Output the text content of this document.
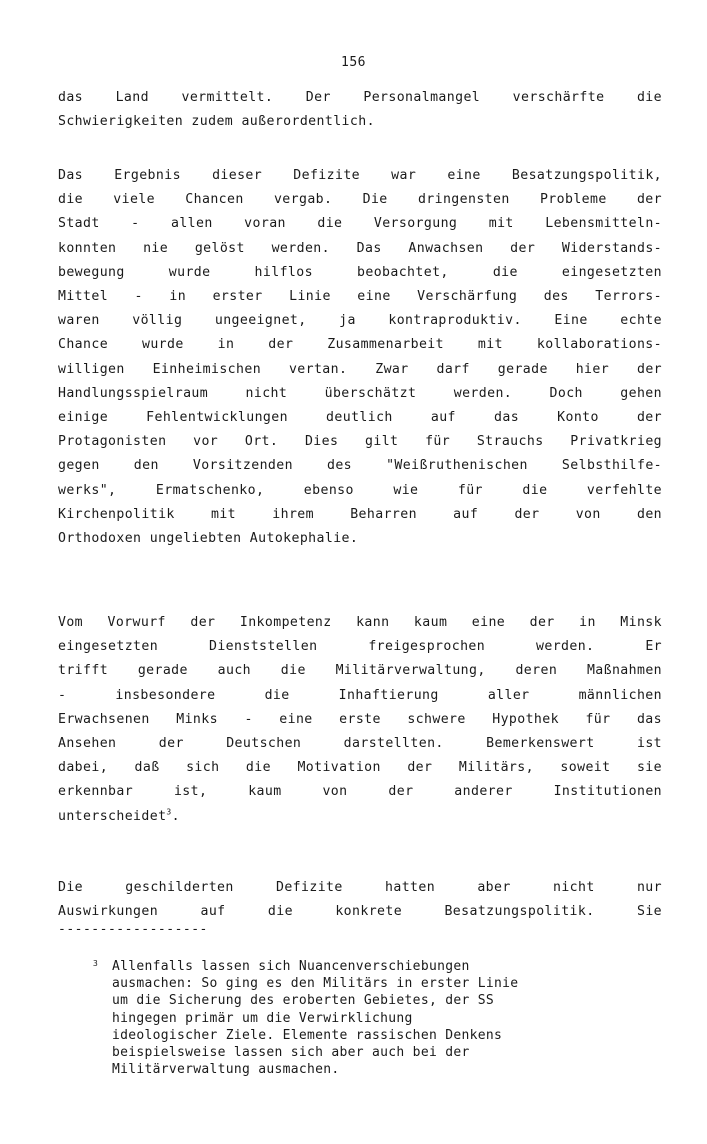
156
das Land vermittelt. Der Personalmangel verschärfte die
Schwierigkeiten zudem außerordentlich.
Das Ergebnis dieser Defizite war eine Besatzungspolitik,
die viele Chancen vergab. Die dringensten Probleme der
Stadt - allen voran die Versorgung mit Lebensmitteln-
konnten nie gelöst werden. Das Anwachsen der Widerstands-
bewegung wurde hilflos beobachtet, die eingesetzten
Mittel - in erster Linie eine Verschärfung des Terrors-
waren völlig ungeeignet, ja kontraproduktiv. Eine echte
Chance wurde in der Zusammenarbeit mit kollaborations-
willigen Einheimischen vertan. Zwar darf gerade hier der
Handlungsspielraum nicht überschätzt werden. Doch gehen
einige Fehlentwicklungen deutlich auf das Konto der
Protagonisten vor Ort. Dies gilt für Strauchs Privatkrieg
gegen den Vorsitzenden des "Weißruthenischen Selbsthilfe-
werks", Ermatschenko, ebenso wie für die verfehlte
Kirchenpolitik mit ihrem Beharren auf der von den
Orthodoxen ungeliebten Autokephalie.
Vom Vorwurf der Inkompetenz kann kaum eine der in Minsk
eingesetzten Dienststellen freigesprochen werden. Er
trifft gerade auch die Militärverwaltung, deren Maßnahmen
- insbesondere die Inhaftierung aller männlichen
Erwachsenen Minks - eine erste schwere Hypothek für das
Ansehen der Deutschen darstellten. Bemerkenswert ist
dabei, daß sich die Motivation der Militärs, soweit sie
erkennbar ist, kaum von der anderer Institutionen
unterscheidet$^3$.
Die geschilderten Defizite hatten aber nicht nur
Auswirkungen auf die konkrete Besatzungspolitik. Sie
------------------
3 Allenfalls lassen sich Nuancenverschiebungen
ausmachen: So ging es den Militärs in erster Linie
um die Sicherung des eroberten Gebietes, der SS
hingegen primär um die Verwirklichung
ideologischer Ziele. Elemente rassischen Denkens
beispielsweise lassen sich aber auch bei der
Militärverwaltung ausmachen.
